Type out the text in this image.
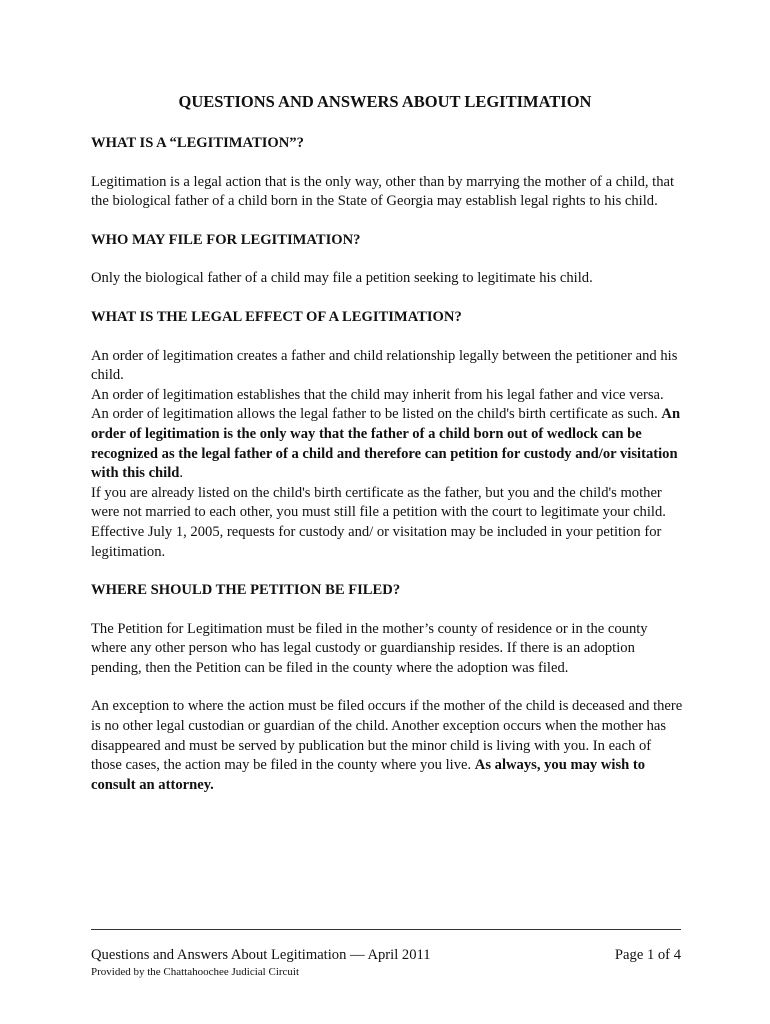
QUESTIONS AND ANSWERS ABOUT LEGITIMATION
WHAT IS A “LEGITIMATION”?

Legitimation is a legal action that is the only way, other than by marrying the mother of a child, that the biological father of a child born in the State of Georgia may establish legal rights to his child.

WHO MAY FILE FOR LEGITIMATION?

Only the biological father of a child may file a petition seeking to legitimate his child.

WHAT IS THE LEGAL EFFECT OF A LEGITIMATION?

An order of legitimation creates a father and child relationship legally between the petitioner and his child.

An order of legitimation establishes that the child may inherit from his legal father and vice versa. An order of legitimation allows the legal father to be listed on the child's birth certificate as such. An order of legitimation is the only way that the father of a child born out of wedlock can be recognized as the legal father of a child and therefore can petition for custody and/or visitation with this child.

If you are already listed on the child's birth certificate as the father, but you and the child's mother were not married to each other, you must still file a petition with the court to legitimate your child.

Effective July 1, 2005, requests for custody and/ or visitation may be included in your petition for legitimation.

WHERE SHOULD THE PETITION BE FILED?

The Petition for Legitimation must be filed in the mother’s county of residence or in the county where any other person who has legal custody or guardianship resides. If there is an adoption pending, then the Petition can be filed in the county where the adoption was filed.

An exception to where the action must be filed occurs if the mother of the child is deceased and there is no other legal custodian or guardian of the child. Another exception occurs when the mother has disappeared and must be served by publication but the minor child is living with you. In each of those cases, the action may be filed in the county where you live. As always, you may wish to consult an attorney.

Questions and Answers About Legitimation — April 2011	Page 1 of 4
Provided by the Chattahoochee Judicial Circuit
